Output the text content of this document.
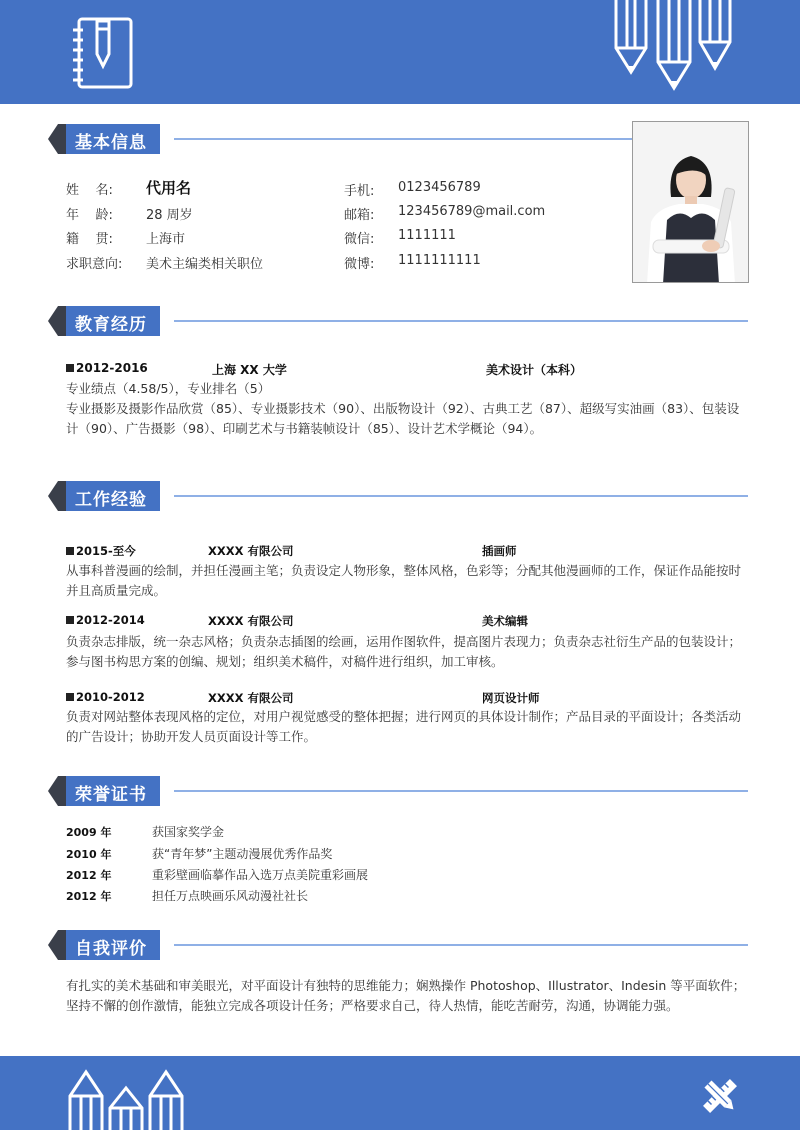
基本信息
姓    名: 代用名
年    龄:	28 周岁
籍    贯:	上海市
求职意向: 美术主编类相关职位
手机: 0123456789
邮箱: 123456789@mail.com
微信: 1111111
微博: 1111111111
教育经历
2012-2016	上海 XX 大学	美术设计（本科）
专业绩点（4.58/5），专业排名（5）
专业摄影及摄影作品欣赏（85）、专业摄影技术（90）、出版物设计（92）、古典工艺（87）、超级写实油画（83）、包装设计（90）、广告摄影（98）、印刷艺术与书籍装帧设计（85）、设计艺术学概论（94）。
工作经验
2015-至今	XXXX 有限公司	插画师
从事科普漫画的绘制，并担任漫画主笔；负责设定人物形象，整体风格，色彩等；分配其他漫画师的工作，保证作品能按时并且高质量完成。
2012-2014	XXXX 有限公司	美术编辑
负责杂志排版，统一杂志风格；负责杂志插图的绘画，运用作图软件，提高图片表现力；负责杂志社衍生产品的包装设计；参与图书构思方案的创编、规划；组织美术稿件，对稿件进行组织，加工审核。
2010-2012	XXXX 有限公司	网页设计师
负责对网站整体表现风格的定位，对用户视觉感受的整体把握；进行网页的具体设计制作；产品目录的平面设计；各类活动的广告设计；协助开发人员页面设计等工作。
荣誉证书
2009 年	获国家奖学金
2010 年	获“青年梦”主题动漫展优秀作品奖
2012 年	重彩壁画临摹作品入选万点美院重彩画展
2012 年	担任万点映画乐风动漫社社长
自我评价
有扎实的美术基础和审美眼光，对平面设计有独特的思维能力；娴熟操作 Photoshop、Illustrator、Indesin 等平面软件；坚持不懈的创作激情，能独立完成各项设计任务；严格要求自己，待人热情，能吃苦耐劳，沟通，协调能力强。
